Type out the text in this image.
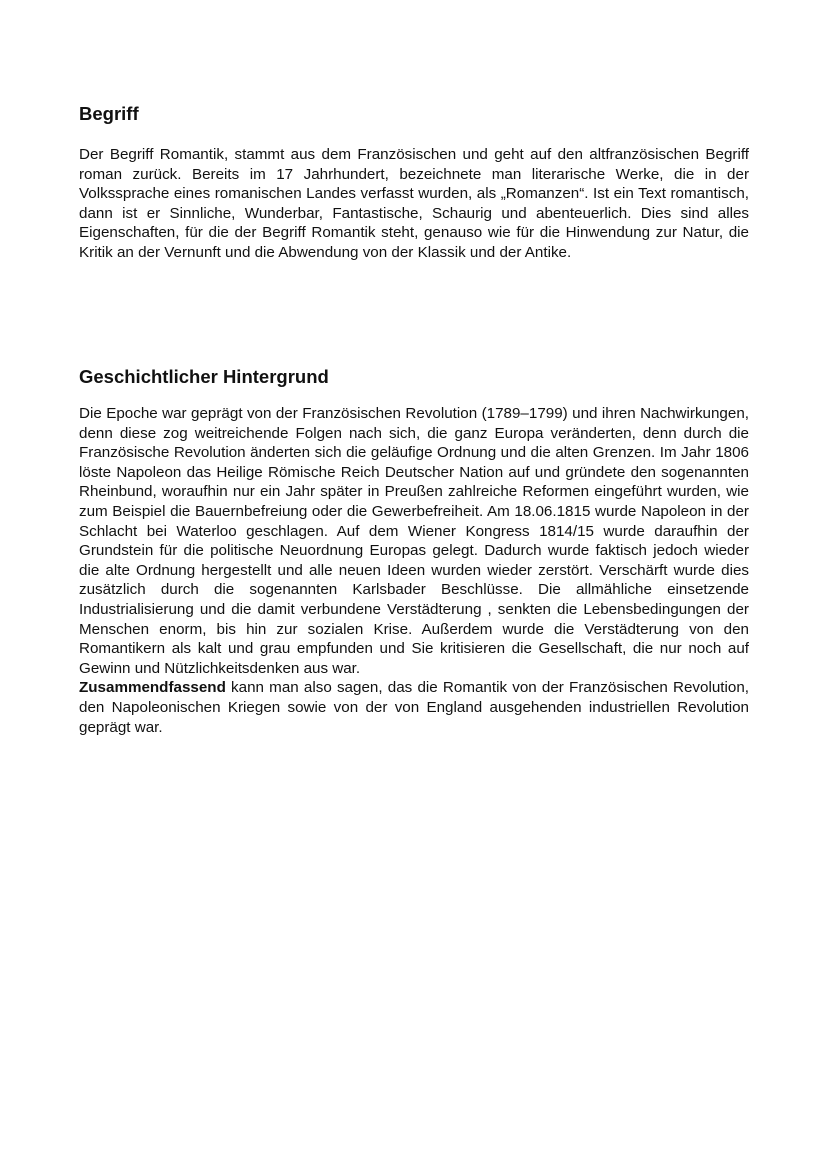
Begriff

Der Begriff Romantik, stammt aus dem Französischen und geht auf den altfranzösischen Begriff roman zurück. Bereits im 17 Jahrhundert, bezeichnete man literarische Werke, die in der Volkssprache eines romanischen Landes verfasst wurden, als „Romanzen“. Ist ein Text romantisch, dann ist er Sinnliche, Wunderbar, Fantastische, Schaurig und abenteuerlich. Dies sind alles Eigenschaften, für die der Begriff Romantik steht, genauso wie für die Hinwendung zur Natur, die Kritik an der Vernunft und die Abwendung von der Klassik und der Antike.

Geschichtlicher Hintergrund

Die Epoche war geprägt von der Französischen Revolution (1789–1799) und ihren Nachwirkungen, denn diese zog weitreichende Folgen nach sich, die ganz Europa veränderten, denn durch die Französische Revolution änderten sich die geläufige Ordnung und die alten Grenzen. Im Jahr 1806 löste Napoleon das Heilige Römische Reich Deutscher Nation auf und gründete den sogenannten Rheinbund, woraufhin nur ein Jahr später in Preußen zahlreiche Reformen eingeführt wurden, wie zum Beispiel die Bauernbefreiung oder die Gewerbefreiheit. Am 18.06.1815 wurde Napoleon in der Schlacht bei Waterloo geschlagen. Auf dem Wiener Kongress 1814/15 wurde daraufhin der Grundstein für die politische Neuordnung Europas gelegt. Dadurch wurde faktisch jedoch wieder die alte Ordnung hergestellt und alle neuen Ideen wurden wieder zerstört. Verschärft wurde dies zusätzlich durch die sogenannten Karlsbader Beschlüsse. Die allmähliche einsetzende Industrialisierung und die damit verbundene Verstädterung , senkten die Lebensbedingungen der Menschen enorm, bis hin zur sozialen Krise. Außerdem wurde die Verstädterung von den Romantikern als kalt und grau empfunden und Sie kritisieren die Gesellschaft, die nur noch auf Gewinn und Nützlichkeitsdenken aus war.

Zusammendfassend kann man also sagen, das die Romantik von der Französischen Revolution, den Napoleonischen Kriegen sowie von der von England ausgehenden industriellen Revolution geprägt war.
